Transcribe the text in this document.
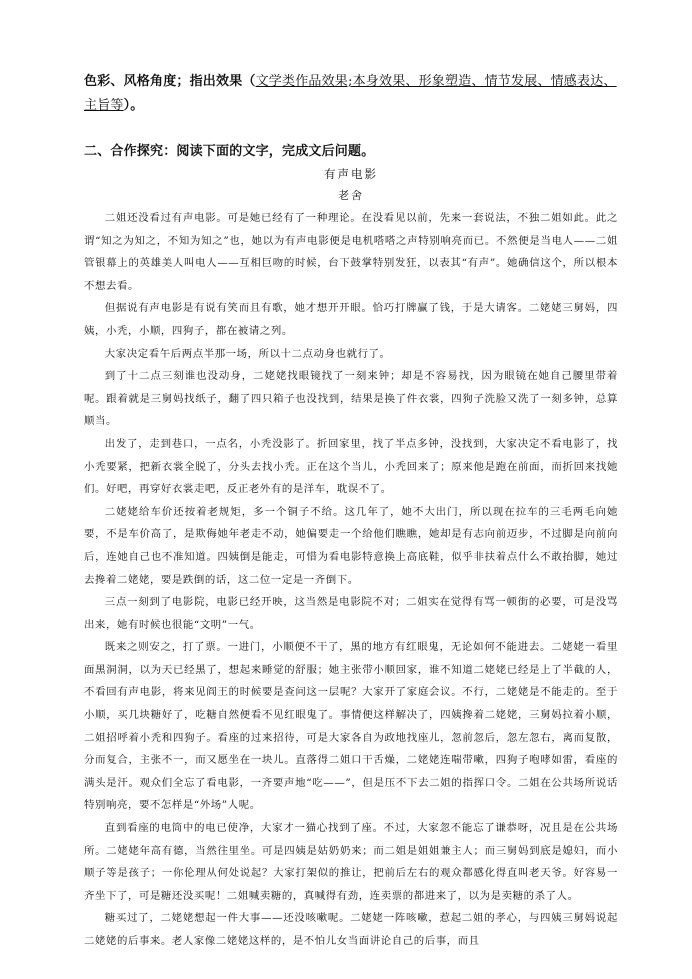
色彩、风格角度；指出效果（文学类作品效果;本身效果、形象塑造、情节发展、情感表达、主旨等）。

二、合作探究：阅读下面的文字，完成文后问题。

有声电影

老舍

二姐还没看过有声电影。可是她已经有了一种理论。在没看见以前，先来一套说法，不独二姐如此。此之谓“知之为知之，不知为知之”也，她以为有声电影便是电机嗒嗒之声特别响亮而已。不然便是当电人——二姐管银幕上的英雄美人叫电人——互相巨吻的时候，台下鼓掌特别发狂，以表其“有声”。她确信这个，所以根本不想去看。

但据说有声电影是有说有笑而且有歌，她才想开开眼。恰巧打牌赢了钱，于是大请客。二姥姥三舅妈，四姨，小秃，小顺，四狗子，都在被请之列。

大家决定看午后两点半那一场，所以十二点动身也就行了。

到了十二点三刻谁也没动身，二姥姥找眼镜找了一刻来钟；却是不容易找，因为眼镜在她自己腰里带着呢。跟着就是三舅妈找纸子，翻了四只箱子也没找到，结果是换了件衣裳，四狗子洗脸又洗了一刻多钟，总算顺当。

出发了，走到巷口，一点名，小秃没影了。折回家里，找了半点多钟，没找到，大家决定不看电影了，找小秃要紧，把新衣裳全脱了，分头去找小秃。正在这个当儿，小秃回来了；原来他是跑在前面，而折回来找她们。好吧，再穿好衣裳走吧，反正老外有的是洋车，耽误不了。

二姥姥给车价还按着老规矩，多一个铜子不给。这几年了，她不大出门，所以现在拉车的三毛两毛向她要，不是车价高了，是欺侮她年老走不动，她偏要走一个给他们瞧瞧，她却是有志向前迈步，不过脚是向前向后，连她自己也不准知道。四姨倒是能走，可惜为看电影特意换上高底鞋，似乎非扶着点什么不敢抬脚，她过去搀着二姥姥，要是跌倒的话，这二位一定是一齐倒下。

三点一刻到了电影院，电影已经开映，这当然是电影院不对；二姐实在觉得有骂一顿街的必要，可是没骂出来，她有时候也很能“文明”一气。

既来之则安之，打了票。一进门，小顺便不干了，黑的地方有红眼鬼，无论如何不能进去。二姥姥一看里面黑洞洞，以为天已经黑了，想起来睡觉的舒服；她主张带小顺回家，谁不知道二姥姥已经是上了半截的人，不看回有声电影，将来见阎王的时候要是查问这一层呢？大家开了家庭会议。不行，二姥姥是不能走的。至于小顺，买几块糖好了，吃糖自然便看不见红眼鬼了。事情便这样解决了，四姨搀着二姥姥，三舅妈拉着小顺，二姐招呼着小秃和四狗子。看座的过来招待，可是大家各自为政地找座儿，忽前忽后，忽左忽右，离而复散，分而复合，主张不一，而又愿坐在一块儿。直落得二姐口干舌燥，二姥姥连喘带嗽，四狗子咆哮如雷，看座的满头是汗。观众们全忘了看电影，一齐要声地“吃——”，但是压不下去二姐的指挥口令。二姐在公共场所说话特别响亮，要不怎样是“外场”人呢。

直到看座的电筒中的电已使净，大家才一猫心找到了座。不过，大家忽不能忘了谦恭呀，况且是在公共场所。二姥姥年高有德，当然往里坐。可是四姨是姑奶奶来；而二姐是姐姐兼主人；而三舅妈到底是媳妇，而小顺子等是孩子；一你伦理从何处说起？大家打架似的推让，把前后左右的观众都感化得直叫老天爷。好容易一齐坐下了，可是糖还没买呢！二姐喊卖糖的，真喊得有劲，连卖票的都进来了，以为是卖糖的杀了人。

糖买过了，二姥姥想起一件大事——还没咳嗽呢。二姥姥一阵咳嗽，惹起二姐的孝心，与四姨三舅妈说起二姥姥的后事来。老人家像二姥姥这样的，是不怕儿女当面讲论自己的后事，而且
